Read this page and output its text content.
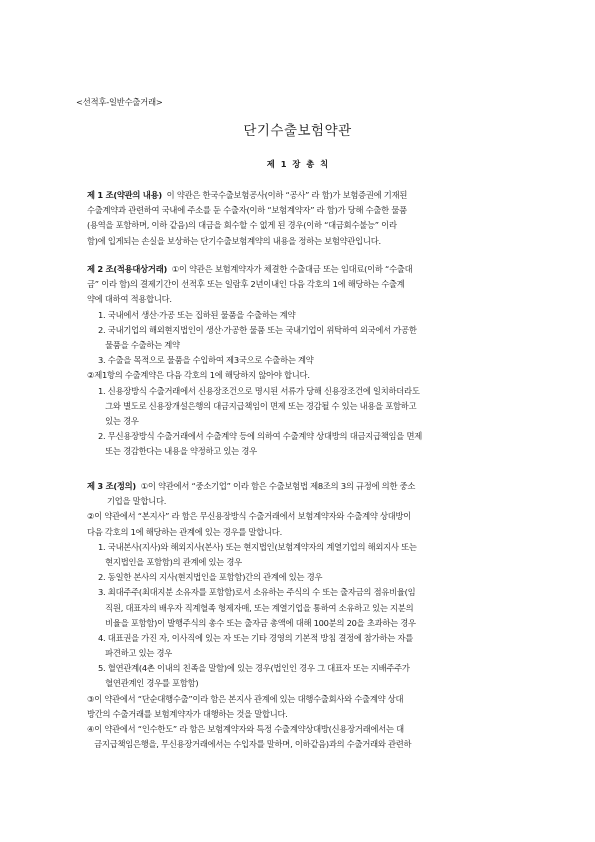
<선적후-일반수출거래>
단기수출보험약관
제 1 장 총 칙
제 1 조(약관의 내용)  이 약관은 한국수출보험공사(이하 “공사” 라 함)가 보험증권에 기재된
수출계약과 관련하여 국내에 주소를 둔 수출자(이하 “보험계약자” 라 함)가 당해 수출한 물품
(용역을 포함하며, 이하 같음)의 대금을 회수할 수 없게 된 경우(이하 “대금회수불능” 이라
함)에 입게되는 손실을 보상하는 단기수출보험계약의 내용을 정하는 보험약관입니다.
제 2 조(적용대상거래)  ①이 약관은 보험계약자가 체결한 수출대금 또는 임대료(이하 “수출대
금” 이라 함)의 결제기간이 선적후 또는 일람후 2년이내인 다음 각호의 1에 해당하는 수출계
약에 대하여 적용합니다.
1. 국내에서 생산·가공 또는 집하된 물품을 수출하는 계약
2. 국내기업의 해외현지법인이 생산·가공한 물품 또는 국내기업이 위탁하여 외국에서 가공한
물품을 수출하는 계약
3. 수출을 목적으로 물품을 수입하여 제3국으로 수출하는 계약
②제1항의 수출계약은 다음 각호의 1에 해당하지 않아야 합니다.
1. 신용장방식 수출거래에서 신용장조건으로 명시된 서류가 당해 신용장조건에 일치하더라도
그와 별도로 신용장개설은행의 대금지급책임이 면제 또는 경감될 수 있는 내용을 포함하고
있는 경우
2. 무신용장방식 수출거래에서 수출계약 등에 의하여 수출계약 상대방의 대금지급책임을 면제
또는 경감한다는 내용을 약정하고 있는 경우
제 3 조(정의)  ①이 약관에서 “중소기업” 이라 함은 수출보험법 제8조의 3의 규정에 의한 중소
기업을 말합니다.
②이 약관에서 “본지사” 라 함은 무신용장방식 수출거래에서 보험계약자와 수출계약 상대방이
다음 각호의 1에 해당하는 관계에 있는 경우를 말합니다.
1. 국내본사(지사)와 해외지사(본사) 또는 현지법인(보험계약자의 계열기업의 해외지사 또는
현지법인을 포함함)의 관계에 있는 경우
2. 동일한 본사의 지사(현지법인을 포함함)간의 관계에 있는 경우
3. 최대주주(최대지분 소유자를 포함함)로서 소유하는 주식의 수 또는 출자금의 점유비율(임
직원, 대표자의 배우자 직계혈족 형제자매, 또는 계열기업을 통하여 소유하고 있는 지분의
비율을 포함함)이 발행주식의 총수 또는 출자금 총액에 대해 100분의 20을 초과하는 경우
4. 대표권을 가진 자, 이사직에 있는 자 또는 기타 경영의 기본적 방침 결정에 참가하는 자를
파견하고 있는 경우
5. 혈연관계(4촌 이내의 친족을 말함)에 있는 경우(법인인 경우 그 대표자 또는 지배주주가
혈연관계인 경우를 포함함)
③이 약관에서 “단순대행수출”이라 함은 본지사 관계에 있는 대행수출회사와 수출계약 상대
방간의 수출거래를 보험계약자가 대행하는 것을 말합니다.
④이 약관에서 “인수한도” 라 함은 보험계약자와 특정 수출계약상대방(신용장거래에서는 대
금지급책임은행을, 무신용장거래에서는 수입자를 말하며, 이하같음)과의 수출거래와 관련하
